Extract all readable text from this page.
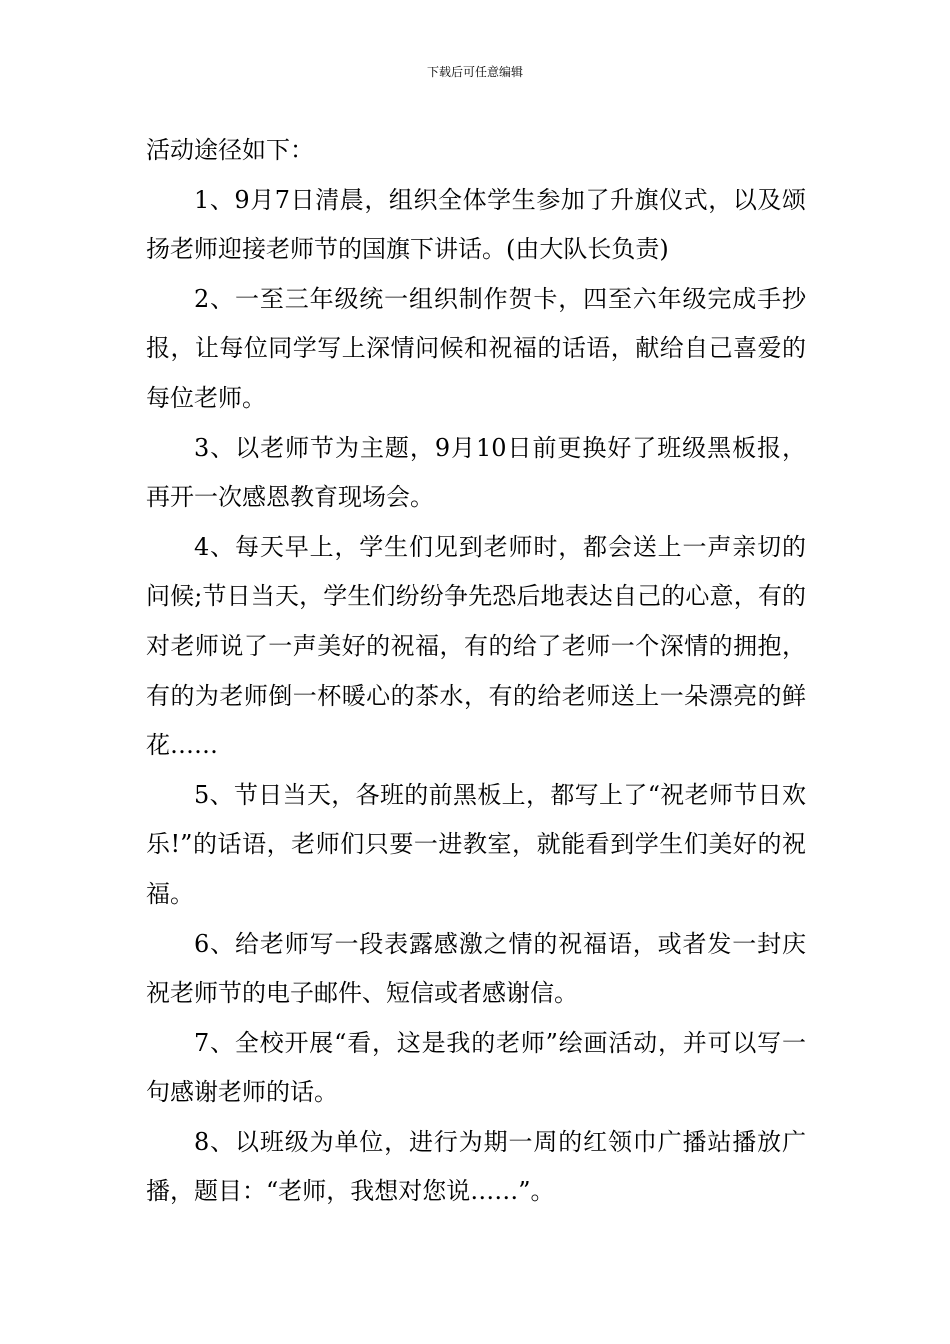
下载后可任意编辑

活动途径如下：

1、9月7日清晨，组织全体学生参加了升旗仪式，以及颂扬老师迎接老师节的国旗下讲话。(由大队长负责)

2、一至三年级统一组织制作贺卡，四至六年级完成手抄报，让每位同学写上深情问候和祝福的话语，献给自己喜爱的每位老师。

3、以老师节为主题，9月10日前更换好了班级黑板报，再开一次感恩教育现场会。

4、每天早上，学生们见到老师时，都会送上一声亲切的问候;节日当天，学生们纷纷争先恐后地表达自己的心意，有的对老师说了一声美好的祝福，有的给了老师一个深情的拥抱，有的为老师倒一杯暖心的茶水，有的给老师送上一朵漂亮的鲜花……

5、节日当天，各班的前黑板上，都写上了“祝老师节日欢乐!”的话语，老师们只要一进教室，就能看到学生们美好的祝福。

6、给老师写一段表露感激之情的祝福语，或者发一封庆祝老师节的电子邮件、短信或者感谢信。

7、全校开展“看，这是我的老师”绘画活动，并可以写一句感谢老师的话。

8、以班级为单位，进行为期一周的红领巾广播站播放广播，题目：“老师，我想对您说……”。
